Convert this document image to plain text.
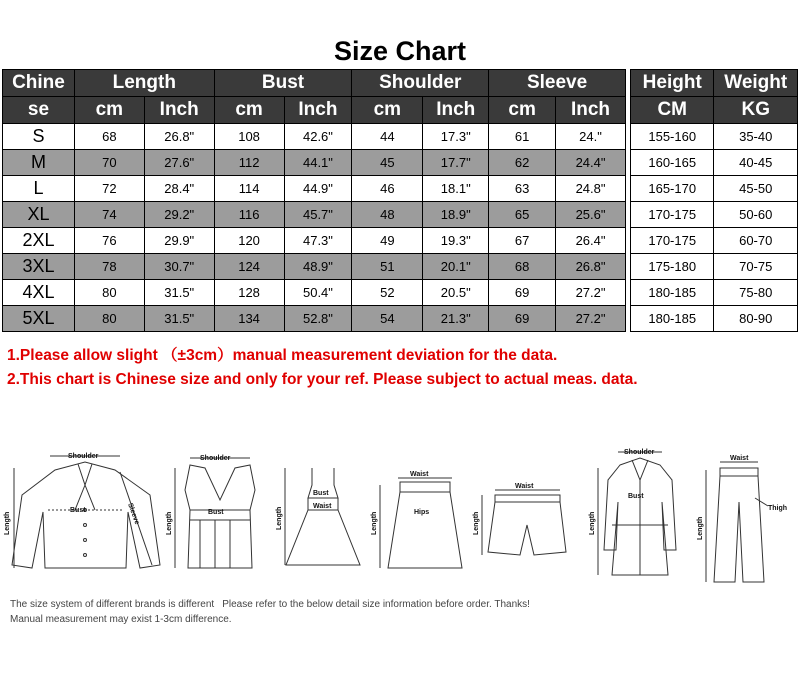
Size Chart
Chine	Length		Bust		Shoulder		Sleeve	
se	cm	Inch	cm	Inch	cm	Inch	cm	Inch
S	68	26.8"	108	42.6"	44	17.3"	61	24."
M	70	27.6"	112	44.1"	45	17.7"	62	24.4"
L	72	28.4"	114	44.9"	46	18.1"	63	24.8"
XL	74	29.2"	116	45.7"	48	18.9"	65	25.6"
2XL	76	29.9"	120	47.3"	49	19.3"	67	26.4"
3XL	78	30.7"	124	48.9"	51	20.1"	68	26.8"
4XL	80	31.5"	128	50.4"	52	20.5"	69	27.2"
5XL	80	31.5"	134	52.8"	54	21.3"	69	27.2"
Height	Weight
CM	KG
155-160	35-40
160-165	40-45
165-170	45-50
170-175	50-60
170-175	60-70
175-180	70-75
180-185	75-80
180-185	80-90
1.Please allow slight （±3cm）manual measurement deviation for the data.
2.This chart is Chinese size and only for your ref. Please subject to actual meas. data.
Shoulder
Bust	Sleeve
Length
Shoulder
Bust
Length
Bust
Waist
Length
Waist
Hips
Length
Waist
Length
Shoulder
Bust
Length
Waist
Thigh
Length
The size system of different brands is different Please refer to the below detail size information before order. Thanks!
Manual measurement may exist 1-3cm difference.
